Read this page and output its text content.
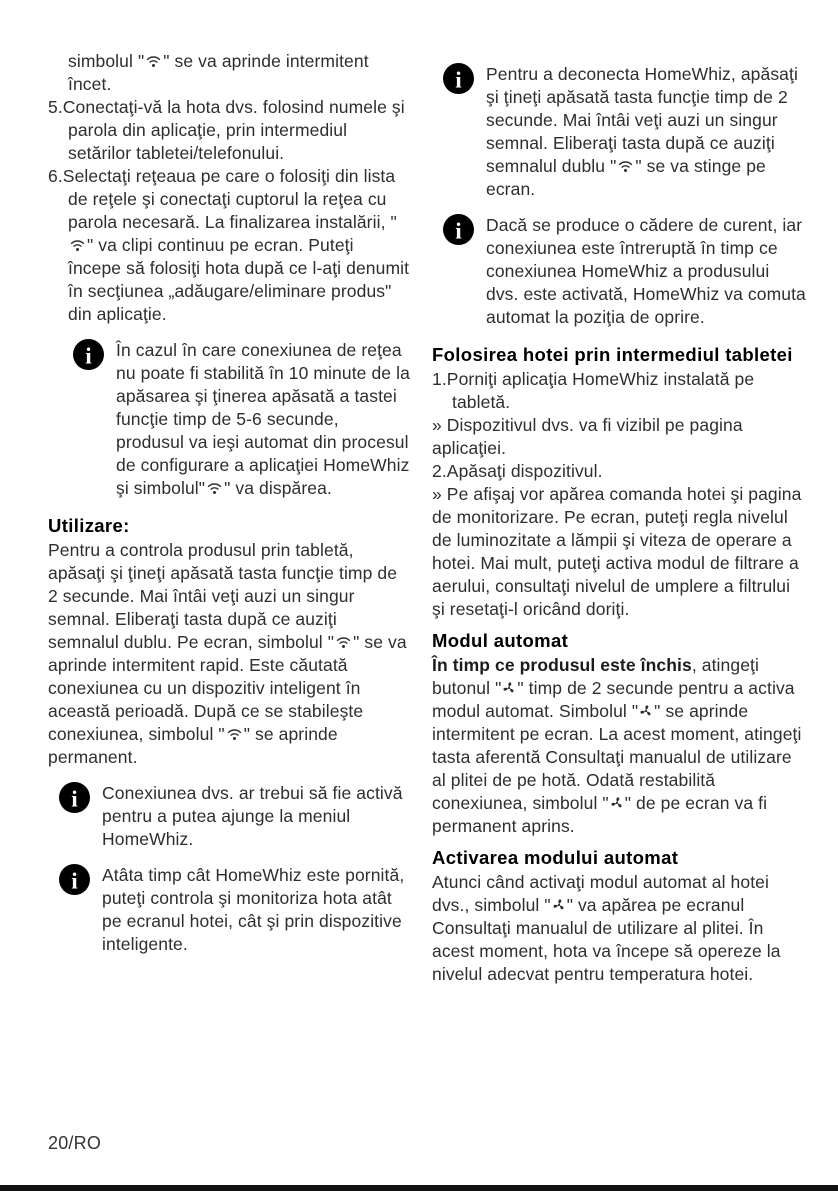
simbolul " " se va aprinde intermitent încet.

5.Conectaţi-vă la hota dvs. folosind numele şi parola din aplicaţie, prin intermediul setărilor tabletei/telefonului.

6.Selectaţi reţeaua pe care o folosiţi din lista de reţele şi conectaţi cuptorul la reţea cu parola necesară. La finalizarea instalării, "" va clipi continuu pe ecran. Puteţi începe să folosiţi hota după ce l-aţi denumit în secţiunea „adăugare/eliminare produs" din aplicaţie.

i În cazul în care conexiunea de reţea nu poate fi stabilită în 10 minute de la apăsarea şi ţinerea apăsată a tastei funcţie timp de 5-6 secunde, produsul va ieşi automat din procesul de configurare a aplicaţiei HomeWhiz şi simbolul" " va dispărea.

Utilizare:

Pentru a controla produsul prin tabletă, apăsaţi şi ţineţi apăsată tasta funcţie timp de 2 secunde. Mai întâi veţi auzi un singur semnal. Eliberaţi tasta după ce auziţi semnalul dublu. Pe ecran, simbolul " " se va aprinde intermitent rapid. Este căutată conexiunea cu un dispozitiv inteligent în această perioadă. După ce se stabileşte conexiunea, simbolul " " se aprinde permanent.

i Conexiunea dvs. ar trebui să fie activă pentru a putea ajunge la meniul HomeWhiz.

i Atâta timp cât HomeWhiz este pornită, puteţi controla şi monitoriza hota atât pe ecranul hotei, cât şi prin dispozitive inteligente.

i Pentru a deconecta HomeWhiz, apăsaţi şi ţineţi apăsată tasta funcţie timp de 2 secunde. Mai întâi veţi auzi un singur semnal. Eliberaţi tasta după ce auziţi semnalul dublu " " se va stinge pe ecran.

i Dacă se produce o cădere de curent, iar conexiunea este întreruptă în timp ce conexiunea HomeWhiz a produsului dvs. este activată, HomeWhiz va comuta automat la poziţia de oprire.

Folosirea hotei prin intermediul tabletei

1.Porniţi aplicaţia HomeWhiz instalată pe tabletă.

» Dispozitivul dvs. va fi vizibil pe pagina aplicaţiei.

2.Apăsaţi dispozitivul.

» Pe afişaj vor apărea comanda hotei şi pagina de monitorizare. Pe ecran, puteţi regla nivelul de luminozitate a lămpii şi viteza de operare a hotei. Mai mult, puteţi activa modul de filtrare a aerului, consultaţi nivelul de umplere a filtrului şi resetaţi-l oricând doriţi.

Modul automat

În timp ce produsul este închis, atingeţi butonul " " timp de 2 secunde pentru a activa modul automat. Simbolul " " se aprinde intermitent pe ecran. La acest moment, atingeţi tasta aferentă Consultaţi manualul de utilizare al plitei de pe hotă. Odată restabilită conexiunea, simbolul " " de pe ecran va fi permanent aprins.

Activarea modului automat

Atunci când activaţi modul automat al hotei dvs., simbolul " " va apărea pe ecranul Consultaţi manualul de utilizare al plitei. În acest moment, hota va începe să opereze la nivelul adecvat pentru temperatura hotei.

20/RO
